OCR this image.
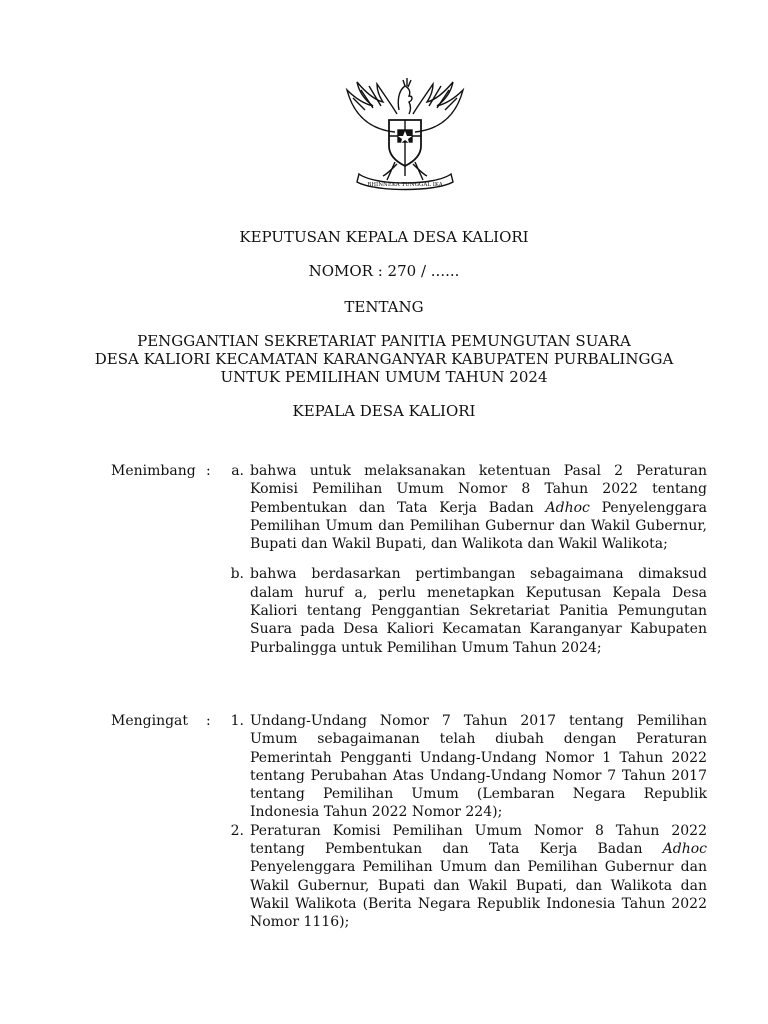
BHINNEKA TUNGGAL IKA
KEPUTUSAN KEPALA DESA KALIORI
NOMOR : 270 / ......
TENTANG
PENGGANTIAN SEKRETARIAT PANITIA PEMUNGUTAN SUARA
DESA KALIORI KECAMATAN KARANGANYAR KABUPATEN PURBALINGGA
UNTUK PEMILIHAN UMUM TAHUN 2024
KEPALA DESA KALIORI
Menimbang :	a. bahwa untuk melaksanakan ketentuan Pasal 2 Peraturan Komisi Pemilihan Umum Nomor 8 Tahun 2022 tentang Pembentukan dan Tata Kerja Badan Adhoc Penyelenggara Pemilihan Umum dan Pemilihan Gubernur dan Wakil Gubernur, Bupati dan Wakil Bupati, dan Walikota dan Wakil Walikota;
b. bahwa berdasarkan pertimbangan sebagaimana dimaksud dalam huruf a, perlu menetapkan Keputusan Kepala Desa Kaliori tentang Penggantian Sekretariat Panitia Pemungutan Suara pada Desa Kaliori Kecamatan Karanganyar Kabupaten Purbalingga untuk Pemilihan Umum Tahun 2024;
Mengingat	:	1. Undang-Undang Nomor 7 Tahun 2017 tentang Pemilihan Umum sebagaimanan telah diubah dengan Peraturan Pemerintah Pengganti Undang-Undang Nomor 1 Tahun 2022 tentang Perubahan Atas Undang-Undang Nomor 7 Tahun 2017 tentang Pemilihan Umum (Lembaran Negara Republik Indonesia Tahun 2022 Nomor 224);
2. Peraturan Komisi Pemilihan Umum Nomor 8 Tahun 2022 tentang Pembentukan dan Tata Kerja Badan Adhoc Penyelenggara Pemilihan Umum dan Pemilihan Gubernur dan Wakil Gubernur, Bupati dan Wakil Bupati, dan Walikota dan Wakil Walikota (Berita Negara Republik Indonesia Tahun 2022 Nomor 1116);
